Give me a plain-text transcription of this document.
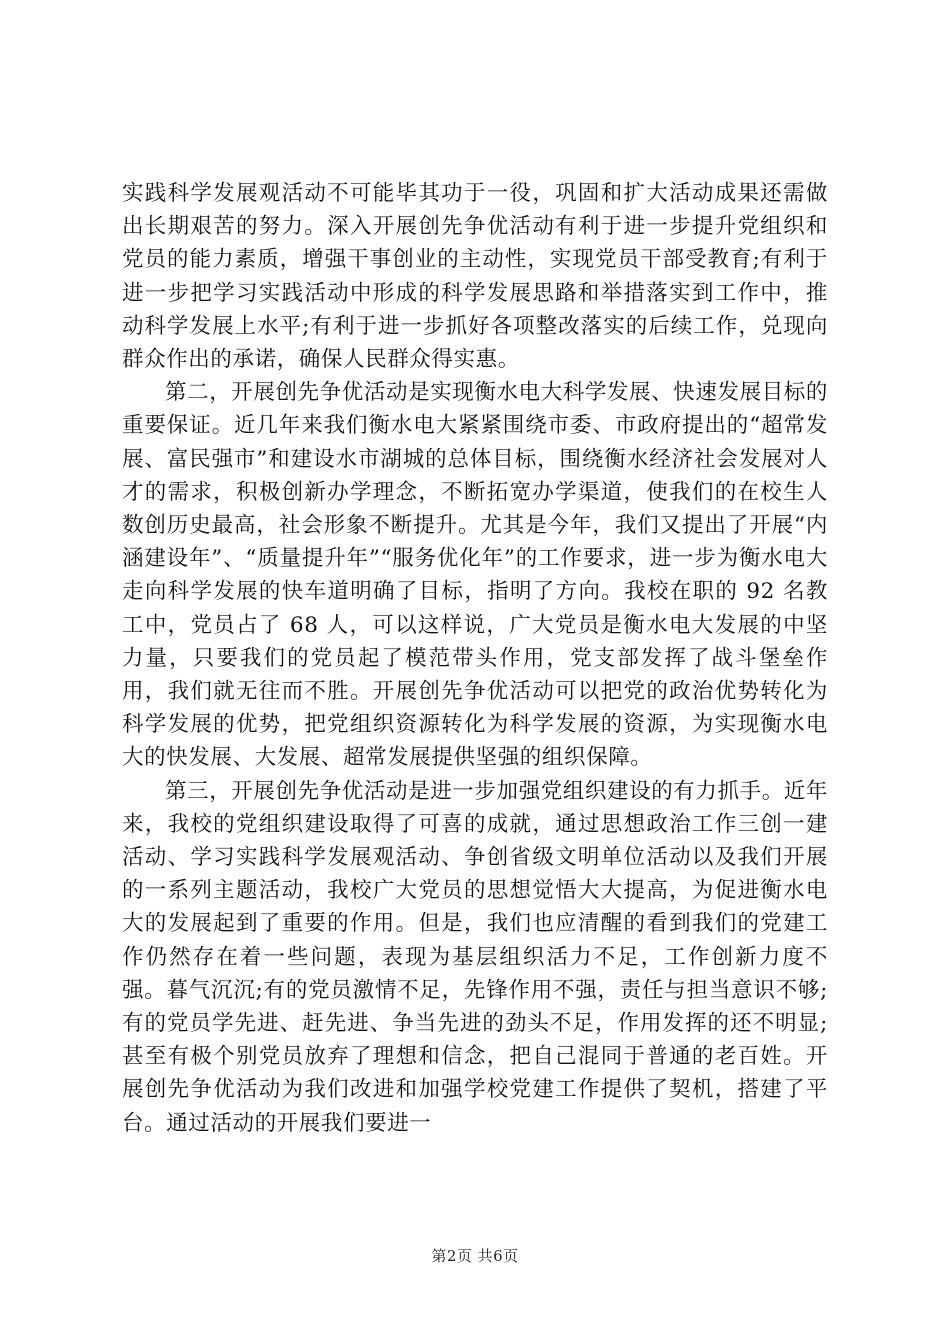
实践科学发展观活动不可能毕其功于一役，巩固和扩大活动成果还需做出长期艰苦的努力。深入开展创先争优活动有利于进一步提升党组织和党员的能力素质，增强干事创业的主动性，实现党员干部受教育;有利于进一步把学习实践活动中形成的科学发展思路和举措落实到工作中，推动科学发展上水平;有利于进一步抓好各项整改落实的后续工作，兑现向群众作出的承诺，确保人民群众得实惠。

第二，开展创先争优活动是实现衡水电大科学发展、快速发展目标的重要保证。近几年来我们衡水电大紧紧围绕市委、市政府提出的“超常发展、富民强市”和建设水市湖城的总体目标，围绕衡水经济社会发展对人才的需求，积极创新办学理念，不断拓宽办学渠道，使我们的在校生人数创历史最高，社会形象不断提升。尤其是今年，我们又提出了开展“内涵建设年”、“质量提升年”“服务优化年”的工作要求，进一步为衡水电大走向科学发展的快车道明确了目标，指明了方向。我校在职的 92 名教工中，党员占了 68 人，可以这样说，广大党员是衡水电大发展的中坚力量，只要我们的党员起了模范带头作用，党支部发挥了战斗堡垒作用，我们就无往而不胜。开展创先争优活动可以把党的政治优势转化为科学发展的优势，把党组织资源转化为科学发展的资源，为实现衡水电大的快发展、大发展、超常发展提供坚强的组织保障。

第三，开展创先争优活动是进一步加强党组织建设的有力抓手。近年来，我校的党组织建设取得了可喜的成就，通过思想政治工作三创一建活动、学习实践科学发展观活动、争创省级文明单位活动以及我们开展的一系列主题活动，我校广大党员的思想觉悟大大提高，为促进衡水电大的发展起到了重要的作用。但是，我们也应清醒的看到我们的党建工作仍然存在着一些问题，表现为基层组织活力不足，工作创新力度不强。暮气沉沉;有的党员激情不足，先锋作用不强，责任与担当意识不够;有的党员学先进、赶先进、争当先进的劲头不足，作用发挥的还不明显;甚至有极个别党员放弃了理想和信念，把自己混同于普通的老百姓。开展创先争优活动为我们改进和加强学校党建工作提供了契机，搭建了平台。通过活动的开展我们要进一

第2页 共6页
